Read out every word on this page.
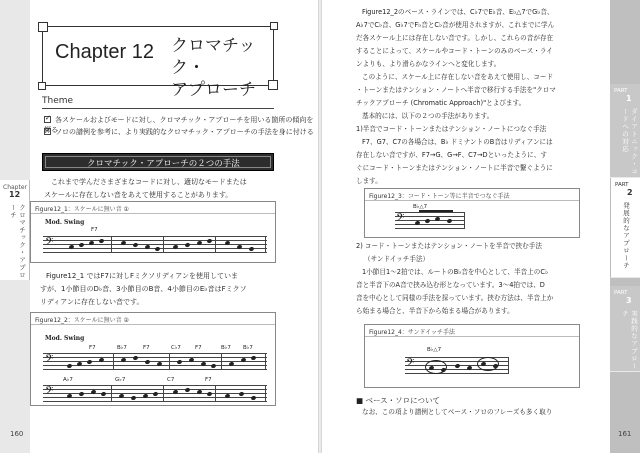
Chapter
12
クロマチック・アプローチ
Chapter 12 クロマチック・
アプローチ
Theme
✓各スケールおよびモードに対し、クロマチック・アプローチを用いる箇所の傾向を探る
✓ソロの譜例を参考に、より実践的なクロマチック・アプローチの手法を身に付ける
クロマチック・アプローチの２つの手法
これまで学んださまざまなコードに対し、適切なモードまたは
スケールに存在しない音をあえて使用することがあります。
Figure12_1：スケールに無い音 ①
Mod. Swing
F7
𝄢
Figure12_1 ではF7に対しFミクソリディアンを使用していま
すが、1小節目のD♭音、3小節目のB音、4小節目のE♭音はFミクソ
リディアンに存在しない音です。
Figure12_2：スケールに無い音 ②
Mod. Swing
F7	B♭7	F7	C♭7	F7	B♭7 B♭7
𝄢
A♭7	G♭7	C7	F7
𝄢
160
Figure12_2のベース・ラインでは、C♭7でE♭音、E♭△7でG♭音、
A♭7でC♭音、G♭7でF♭音とC♭音が使用されますが、これまでに学ん
だ各スケール上には存在しない音です。しかし、これらの音が存在
することによって、スケールやコード・トーンのみのベース・ライ
ンよりも、より滑らかなラインへと変化します。
このように、スケール上に存在しない音をあえて使用し、コード
・トーンまたはテンション・ノートへ半音で移行する手法を"クロマ
チックアプローチ (Chromatic Approach)"とよびます。
基本的には、以下の２つの手法があります。
1)半音でコード・トーンまたはテンション・ノートにつなぐ手法
F7、G7、C7の各場合は、B♭ ドミナントのB音はリディアンには
存在しない音ですが、F7→G、G→F、C7→Dといったように、す
ぐにコード・トーンまたはテンション・ノートに半音で繋ぐように
します。
Figure12_3：コード・トーン等に半音でつなぐ手法
B♭△7
𝄢
2) コード・トーンまたはテンション・ノートを半音で挟む手法
（サンドイッチ手法）
1小節目1～2拍では、ルートのB♭音を中心として、半音上のC♭
音と半音下のA音で挟み込む形となっています。3～4拍では、D
音を中心として同様の手法を採っています。挟む方法は、半音上か
ら始まる場合と、半音下から始まる場合があります。
Figure12_4：サンドイッチ手法
B♭△7
𝄢
■ ベース・ソロについて
なお、この項より譜例としてベース・ソロのフレーズも多く取り
PART
1
ダイアトニック・コードへの対応
PART
2
発展的なアプローチ
PART
3
実践的なアプローチ
161
